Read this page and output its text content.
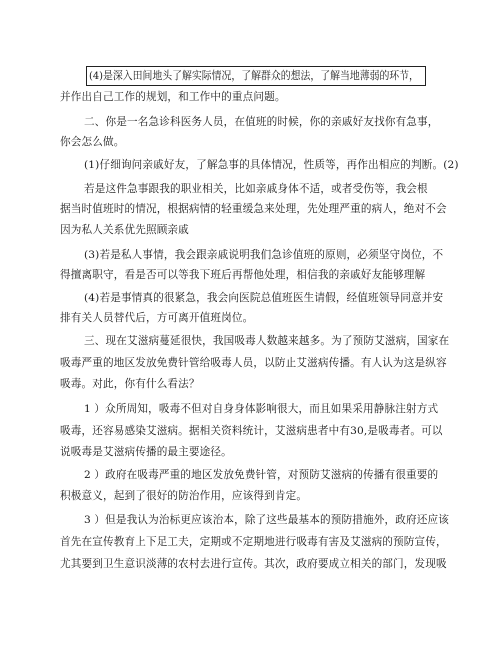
(4)是深入田间地头了解实际情况，了解群众的想法，了解当地薄弱的环节，
并作出自己工作的规划，和工作中的重点问题。
二、你是一名急诊科医务人员，在值班的时候，你的亲戚好友找你有急事，
你会怎么做。
(1)仔细询问亲戚好友，了解急事的具体情况，性质等，再作出相应的判断。(2)
若是这件急事跟我的职业相关，比如亲戚身体不适，或者受伤等，我会根
据当时值班时的情况，根据病情的轻重缓急来处理，先处理严重的病人，绝对不会
因为私人关系优先照顾亲戚
(3)若是私人事情，我会跟亲戚说明我们急诊值班的原则，必须坚守岗位，不
得擅离职守，看是否可以等我下班后再帮他处理，相信我的亲戚好友能够理解
(4)若是事情真的很紧急，我会向医院总值班医生请假，经值班领导同意并安
排有关人员替代后，方可离开值班岗位。
三、现在艾滋病蔓延很快，我国吸毒人数越来越多。为了预防艾滋病，国家在
吸毒严重的地区发放免费针管给吸毒人员，以防止艾滋病传播。有人认为这是纵容
吸毒。对此，你有什么看法？
1 ）众所周知，吸毒不但对自身身体影响很大，而且如果采用静脉注射方式
吸毒，还容易感染艾滋病。据相关资料统计，艾滋病患者中有30,是吸毒者。可以
说吸毒是艾滋病传播的最主要途径。
2 ）政府在吸毒严重的地区发放免费针管，对预防艾滋病的传播有很重要的
积极意义，起到了很好的防治作用，应该得到肯定。
3 ）但是我认为治标更应该治本，除了这些最基本的预防措施外，政府还应该
首先在宣传教育上下足工夫，定期或不定期地进行吸毒有害及艾滋病的预防宣传，
尤其要到卫生意识淡薄的农村去进行宣传。其次，政府要成立相关的部门，发现吸
